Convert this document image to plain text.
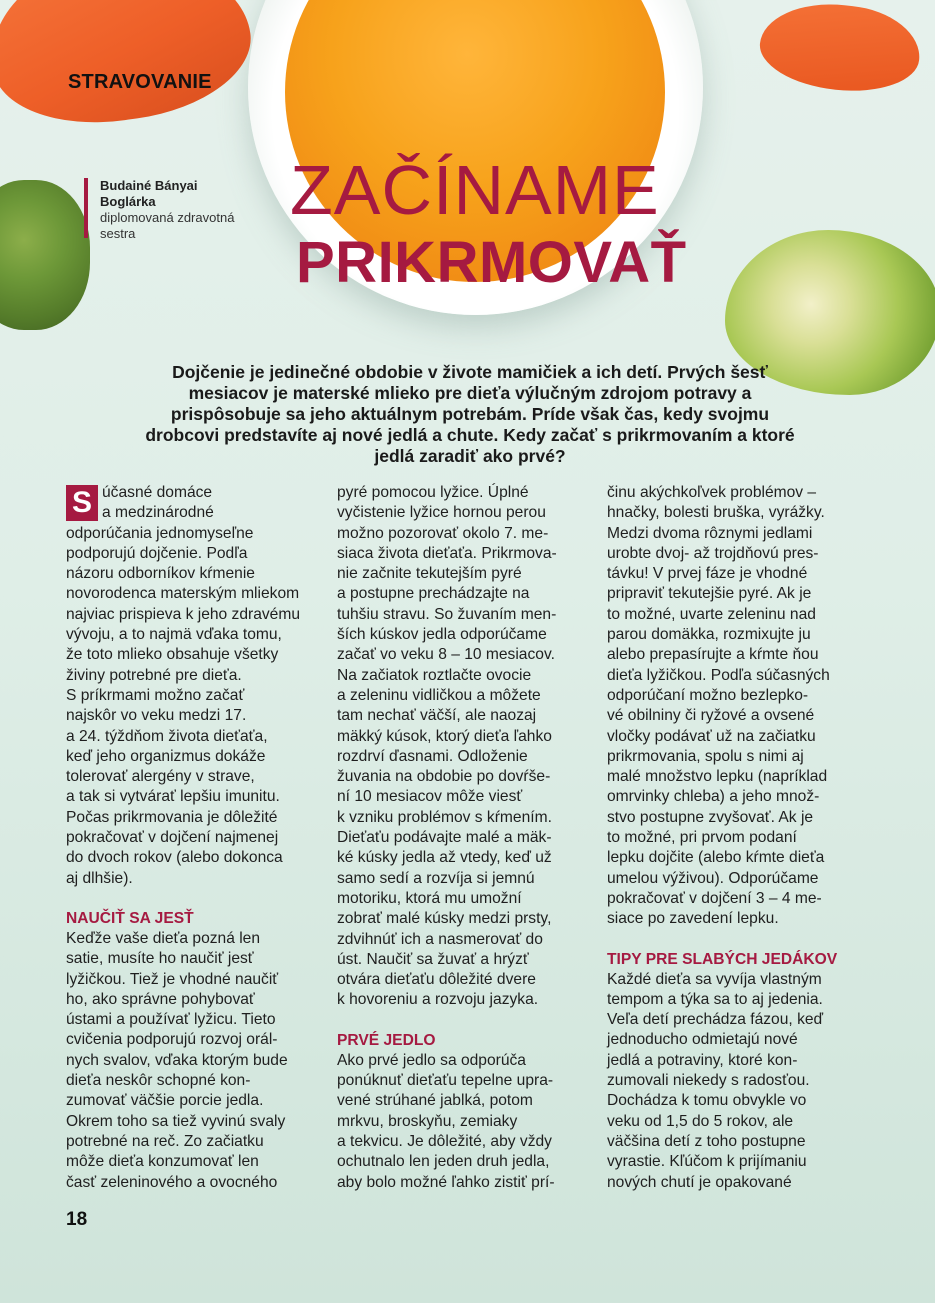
STRAVOVANIE
Budainé Bányai Boglárka
diplomovaná zdravotná sestra
ZAČÍNAME
PRIKRMOVAŤ
Dojčenie je jedinečné obdobie v živote mamičiek a ich detí. Prvých šesť mesiacov je materské mlieko pre dieťa výlučným zdrojom potravy a prispôsobuje sa jeho aktuálnym potrebám. Príde však čas, kedy svojmu drobcovi predstavíte aj nové jedlá a chute. Kedy začať s prikrmovaním a ktoré jedlá zaradiť ako prvé?
S účasné domáce
a medzinárodné
odporúčania jednomyseľne
podporujú dojčenie. Podľa
názoru odborníkov kŕmenie
novorodenca materským mliekom
najviac prispieva k jeho zdravému
vývoju, a to najmä vďaka tomu,
že toto mlieko obsahuje všetky
živiny potrebné pre dieťa.
S príkrmami možno začať
najskôr vo veku medzi 17.
a 24. týždňom života dieťaťa,
keď jeho organizmus dokáže
tolerovať alergény v strave,
a tak si vytvárať lepšiu imunitu.
Počas prikrmovania je dôležité
pokračovať v dojčení najmenej
do dvoch rokov (alebo dokonca
aj dlhšie).

NAUČIŤ SA JESŤ

Keďže vaše dieťa pozná len
satie, musíte ho naučiť jesť
lyžičkou. Tiež je vhodné naučiť
ho, ako správne pohybovať
ústami a používať lyžicu. Tieto
cvičenia podporujú rozvoj orál-
nych svalov, vďaka ktorým bude
dieťa neskôr schopné kon-
zumovať väčšie porcie jedla.
Okrem toho sa tiež vyvinú svaly
potrebné na reč. Zo začiatku
môže dieťa konzumovať len
časť zeleninového a ovocného

pyré pomocou lyžice. Úplné
vyčistenie lyžice hornou perou
možno pozorovať okolo 7. me-
siaca života dieťaťa. Prikrmova-
nie začnite tekutejším pyré
a postupne prechádzajte na
tuhšiu stravu. So žuvaním men-
ších kúskov jedla odporúčame
začať vo veku 8 – 10 mesiacov.
Na začiatok roztlačte ovocie
a zeleninu vidličkou a môžete
tam nechať väčší, ale naozaj
mäkký kúsok, ktorý dieťa ľahko
rozdrví ďasnami. Odloženie
žuvania na obdobie po dovŕše-
ní 10 mesiacov môže viesť
k vzniku problémov s kŕmením.
Dieťaťu podávajte malé a mäk-
ké kúsky jedla až vtedy, keď už
samo sedí a rozvíja si jemnú
motoriku, ktorá mu umožní
zobrať malé kúsky medzi prsty,
zdvihnúť ich a nasmerovať do
úst. Naučiť sa žuvať a hrýzť
otvára dieťaťu dôležité dvere
k hovoreniu a rozvoju jazyka.

PRVÉ JEDLO

Ako prvé jedlo sa odporúča
ponúknuť dieťaťu tepelne upra-
vené strúhané jablká, potom
mrkvu, broskyňu, zemiaky
a tekvicu. Je dôležité, aby vždy
ochutnalo len jeden druh jedla,
aby bolo možné ľahko zistiť prí-

činu akýchkoľvek problémov –
hnačky, bolesti bruška, vyrážky.
Medzi dvoma rôznymi jedlami
urobte dvoj- až trojdňovú pres-
távku! V prvej fáze je vhodné
pripraviť tekutejšie pyré. Ak je
to možné, uvarte zeleninu nad
parou domäkka, rozmixujte ju
alebo prepasírujte a kŕmte ňou
dieťa lyžičkou. Podľa súčasných
odporúčaní možno bezlepko-
vé obilniny či ryžové a ovsené
vločky podávať už na začiatku
prikrmovania, spolu s nimi aj
malé množstvo lepku (napríklad
omrvinky chleba) a jeho množ-
stvo postupne zvyšovať. Ak je
to možné, pri prvom podaní
lepku dojčite (alebo kŕmte dieťa
umelou výživou). Odporúčame
pokračovať v dojčení 3 – 4 me-
siace po zavedení lepku.

TIPY PRE SLABÝCH JEDÁKOV

Každé dieťa sa vyvíja vlastným
tempom a týka sa to aj jedenia.
Veľa detí prechádza fázou, keď
jednoducho odmietajú nové
jedlá a potraviny, ktoré kon-
zumovali niekedy s radosťou.
Dochádza k tomu obvykle vo
veku od 1,5 do 5 rokov, ale
väčšina detí z toho postupne
vyrastie. Kľúčom k prijímaniu
nových chutí je opakované

18
